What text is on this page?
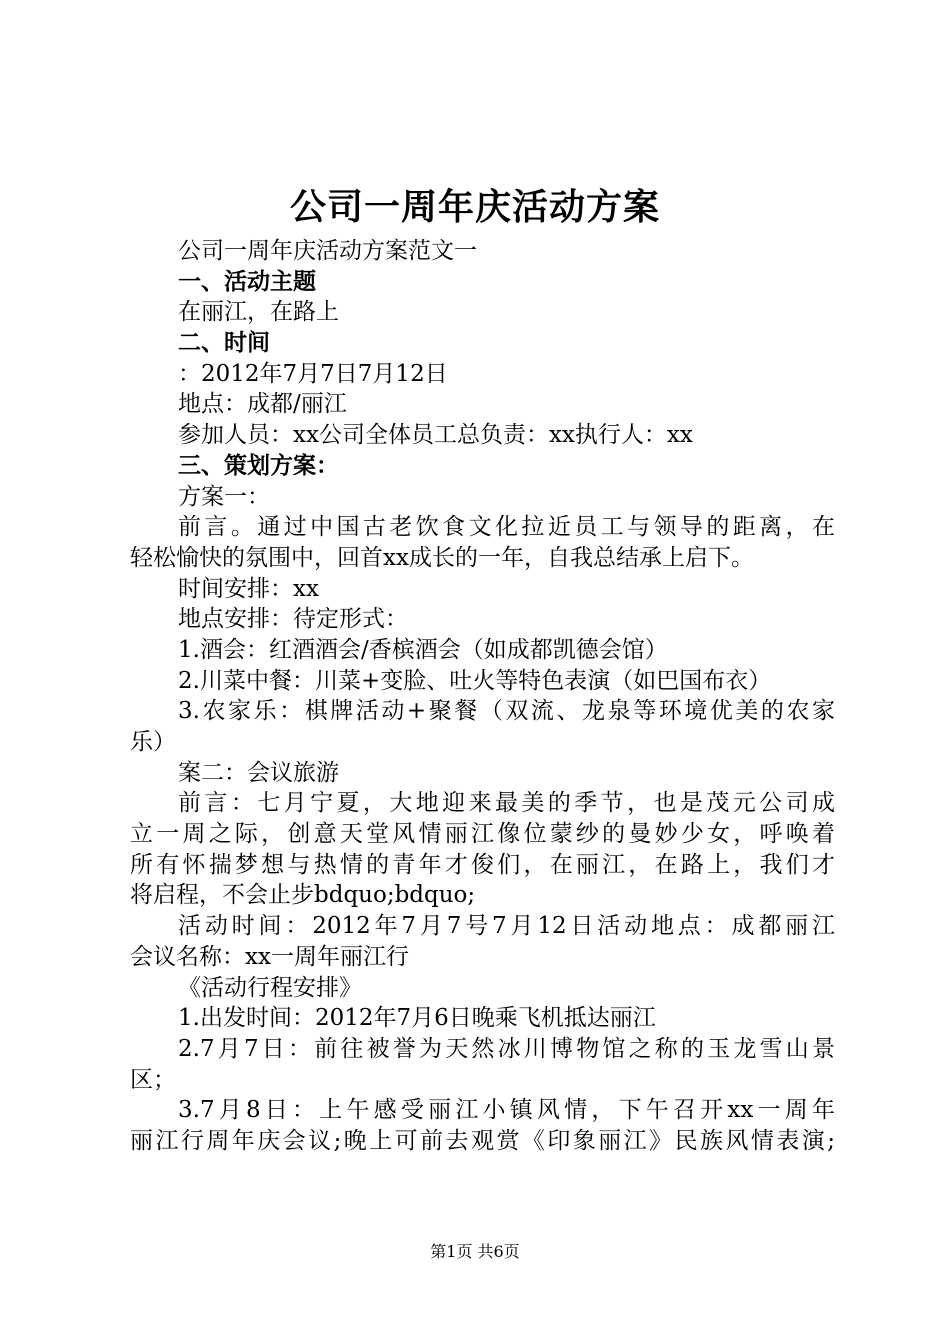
公司一周年庆活动方案
公司一周年庆活动方案范文一
一、活动主题
在丽江，在路上
二、时间
：2012年7月7日7月12日
地点：成都/丽江
参加人员：xx公司全体员工总负责：xx执行人：xx
三、策划方案：
方案一：
前言。通过中国古老饮食文化拉近员工与领导的距离，在
轻松愉快的氛围中，回首xx成长的一年，自我总结承上启下。
时间安排：xx
地点安排：待定形式：
1.酒会：红酒酒会/香槟酒会（如成都凯德会馆）
2.川菜中餐：川菜+变脸、吐火等特色表演（如巴国布衣）
3.农家乐：棋牌活动+聚餐（双流、龙泉等环境优美的农家
乐）
案二：会议旅游
前言：七月宁夏，大地迎来最美的季节，也是茂元公司成
立一周之际，创意天堂风情丽江像位蒙纱的曼妙少女，呼唤着
所有怀揣梦想与热情的青年才俊们，在丽江，在路上，我们才
将启程，不会止步bdquo;bdquo;
活动时间：2012年7月7号7月12日活动地点：成都丽江
会议名称：xx一周年丽江行
《活动行程安排》
1.出发时间：2012年7月6日晚乘飞机抵达丽江
2.7月7日：前往被誉为天然冰川博物馆之称的玉龙雪山景
区；
3.7月8日：上午感受丽江小镇风情，下午召开xx一周年
丽江行周年庆会议;晚上可前去观赏《印象丽江》民族风情表演;
第1页 共6页
